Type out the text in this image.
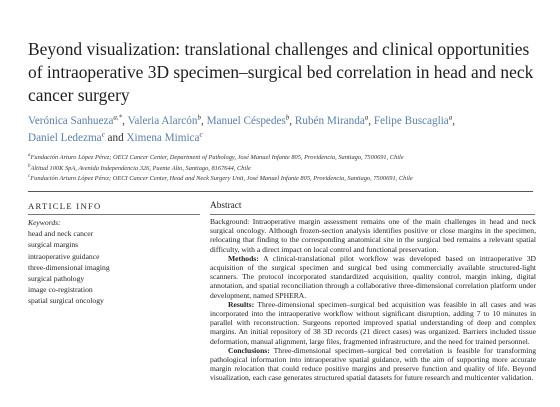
Beyond visualization: translational challenges and clinical opportunities of intraoperative 3D specimen–surgical bed correlation in head and neck cancer surgery
Verónica Sanhueza$^{a,*}$, Valeria Alarcón$^b$, Manuel Céspedes$^b$, Rubén Miranda$^a$, Felipe Buscaglia$^a$,
Daniel Ledezma$^c$ and Ximena Mimica$^c$
$^a$Fundación Arturo López Pérez; OECI Cancer Center, Department of Pathology, José Manuel Infante 805, Providencia, Santiago, 7500691, Chile
$^b$Altitud 100K SpA, Avenida Independencia 326, Puente Alto, Santiago, 8167644, Chile
$^c$Fundación Arturo López Pérez; OECI Cancer Center, Head and Neck Surgery Unit, José Manuel Infante 805, Providencia, Santiago, 7500691, Chile
ARTICLE INFO
Keywords:
head and neck cancer
surgical margins
intraoperative guidance
three-dimensional imaging
surgical pathology
image co-registration
spatial surgical oncology
Abstract

Background: Intraoperative margin assessment remains one of the main challenges in head and neck surgical oncology. Although frozen-section analysis identifies positive or close margins in the specimen, relocating that finding to the corresponding anatomical site in the surgical bed remains a relevant spatial difficulty, with a direct impact on local control and functional preservation.

Methods: A clinical-translational pilot workflow was developed based on intraoperative 3D acquisition of the surgical specimen and surgical bed using commercially available structured-light scanners. The protocol incorporated standardized acquisition, quality control, margin inking, digital annotation, and spatial reconciliation through a collaborative three-dimensional correlation platform under development, named SPHERA.

Results: Three-dimensional specimen–surgical bed acquisition was feasible in all cases and was incorporated into the intraoperative workflow without significant disruption, adding 7 to 10 minutes in parallel with reconstruction. Surgeons reported improved spatial understanding of deep and complex margins. An initial repository of 38 3D records (21 direct cases) was organized. Barriers included tissue deformation, manual alignment, large files, fragmented infrastructure, and the need for trained personnel.

Conclusions: Three-dimensional specimen–surgical bed correlation is feasible for transforming pathological information into intraoperative spatial guidance, with the aim of supporting more accurate margin relocation that could reduce positive margins and preserve function and quality of life. Beyond visualization, each case generates structured spatial datasets for future research and multicenter validation.
